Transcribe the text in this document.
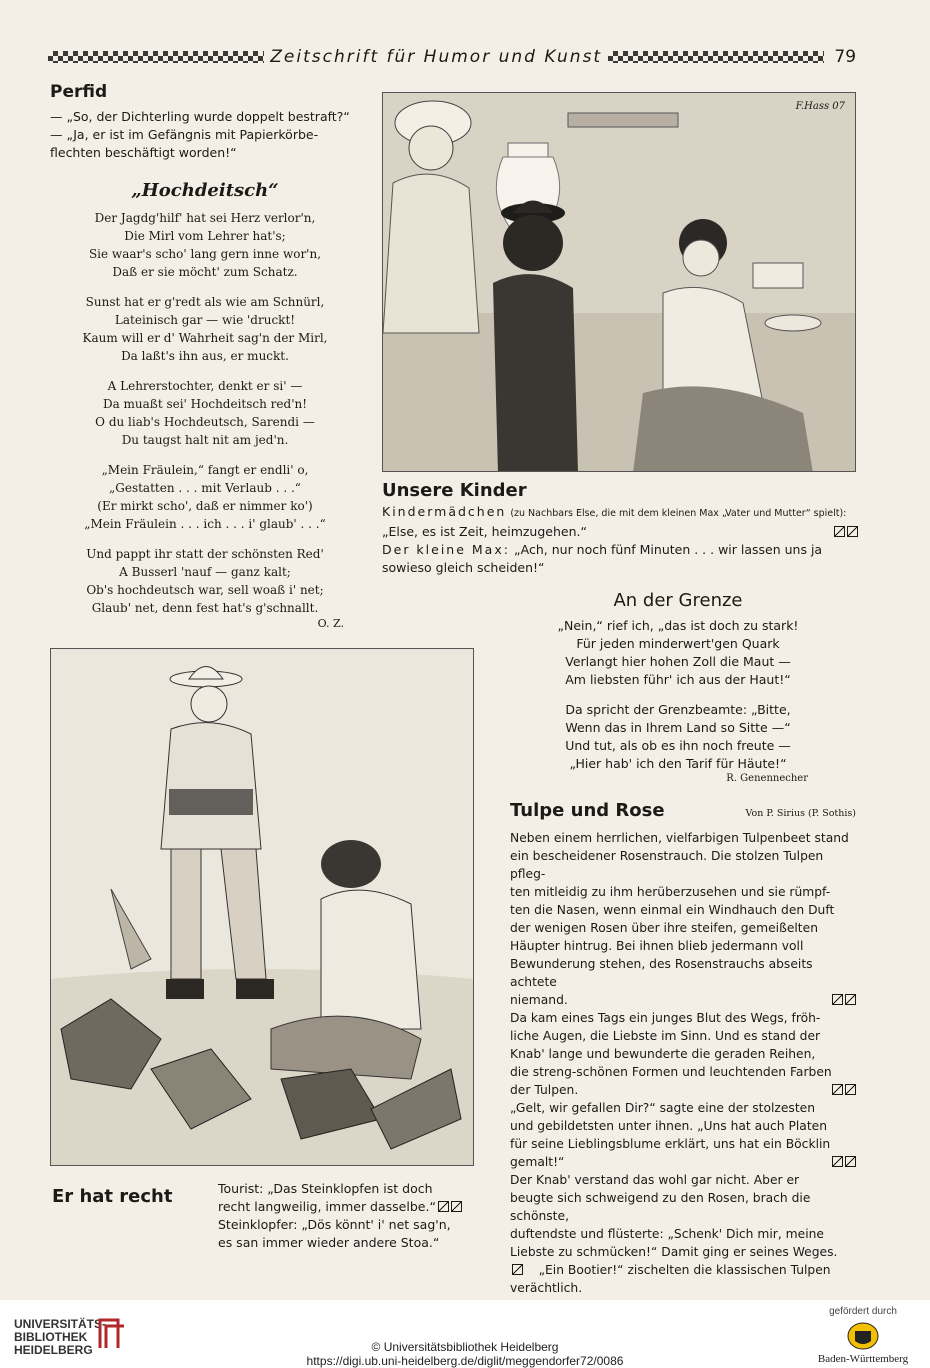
Zeitschrift für Humor und Kunst	79
Perfid
— „So, der Dichterling wurde doppelt bestraft?“
— „Ja, er ist im Gefängnis mit Papierkörbe-
flechten beschäftigt worden!“
„Hochdeitsch“
Der Jagdg'hilf' hat sei Herz verlor'n,
Die Mirl vom Lehrer hat's;
Sie waar's scho' lang gern inne wor'n,
Daß er sie möcht' zum Schatz.
Sunst hat er g'redt als wie am Schnürl,
Lateinisch gar — wie 'druckt!
Kaum will er d' Wahrheit sag'n der Mirl,
Da laßt's ihn aus, er muckt.
A Lehrerstochter, denkt er si' —
Da muaßt sei' Hochdeitsch red'n!
O du liab's Hochdeutsch, Sarendi —
Du taugst halt nit am jed'n.
„Mein Fräulein,“ fangt er endli' o,
„Gestatten . . . mit Verlaub . . .“
(Er mirkt scho', daß er nimmer ko')
„Mein Fräulein . . . ich . . . i' glaub' . . .“
Und pappt ihr statt der schönsten Red'
A Busserl 'nauf — ganz kalt;
Ob's hochdeutsch war, sell woaß i' net;
Glaub' net, denn fest hat's g'schnallt.
O. Z.
F.Hass 07
Unsere Kinder
Kindermädchen (zu Nachbars Else, die mit dem kleinen Max „Vater und Mutter“ spielt):
„Else, es ist Zeit, heimzugehen.“
Der kleine Max: „Ach, nur noch fünf Minuten . . . wir lassen uns ja
sowieso gleich scheiden!“
An der Grenze
„Nein,“ rief ich, „das ist doch zu stark!
Für jeden minderwert'gen Quark
Verlangt hier hohen Zoll die Maut —
Am liebsten führ' ich aus der Haut!“
Da spricht der Grenzbeamte: „Bitte,
Wenn das in Ihrem Land so Sitte —“
Und tut, als ob es ihn noch freute —
„Hier hab' ich den Tarif für Häute!“
R. Genennecher
Tulpe und Rose	Von P. Sirius (P. Sothis)
Neben einem herrlichen, vielfarbigen Tulpenbeet stand
ein bescheidener Rosenstrauch. Die stolzen Tulpen pfleg-
ten mitleidig zu ihm herüberzusehen und sie rümpf-
ten die Nasen, wenn einmal ein Windhauch den Duft
der wenigen Rosen über ihre steifen, gemeißelten
Häupter hintrug. Bei ihnen blieb jedermann voll
Bewunderung stehen, des Rosenstrauchs abseits achtete
niemand.
Da kam eines Tags ein junges Blut des Wegs, fröh-
liche Augen, die Liebste im Sinn. Und es stand der
Knab' lange und bewunderte die geraden Reihen,
die streng-schönen Formen und leuchtenden Farben
der Tulpen.
„Gelt, wir gefallen Dir?“ sagte eine der stolzesten
und gebildetsten unter ihnen. „Uns hat auch Platen
für seine Lieblingsblume erklärt, uns hat ein Böcklin
gemalt!“
Der Knab' verstand das wohl gar nicht. Aber er
beugte sich schweigend zu den Rosen, brach die schönste,
duftendste und flüsterte: „Schenk' Dich mir, meine
Liebste zu schmücken!“ Damit ging er seines Weges.
„Ein Bootier!“ zischelten die klassischen Tulpen
verächtlich.
Er hat recht	Tourist: „Das Steinklopfen ist doch
recht langweilig, immer dasselbe.“
Steinklopfer: „Dös könnt' i' net sag'n,
es san immer wieder andere Stoa.“
UNIVERSITÄTS-
BIBLIOTHEK
HEIDELBERG	© Universitätsbibliothek Heidelberg
https://digi.ub.uni-heidelberg.de/diglit/meggendorfer72/0086
gefördert durch
Baden-Württemberg
